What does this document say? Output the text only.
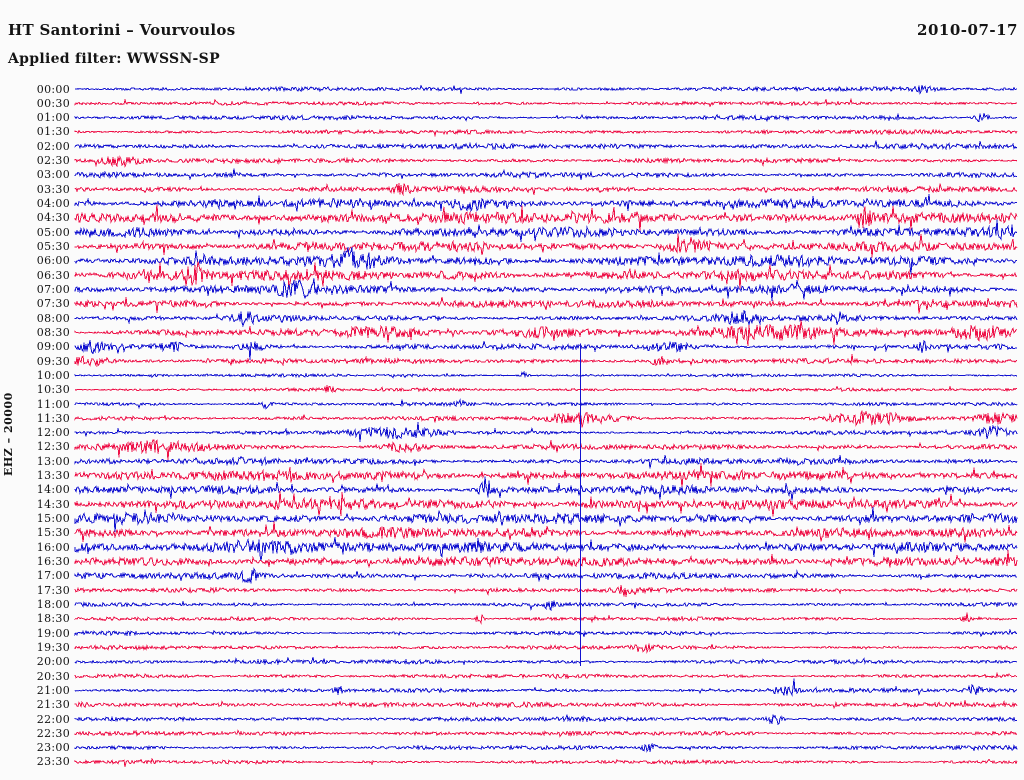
HT Santorini – Vourvoulos	2010-07-17
Applied filter: WWSSN-SP
EHZ – 20000
00:00
00:30
01:00
01:30
02:00
02:30
03:00
03:30
04:00
04:30
05:00
05:30
06:00
06:30
07:00
07:30
08:00
08:30
09:00
09:30
10:00
10:30
11:00
11:30
12:00
12:30
13:00
13:30
14:00
14:30
15:00
15:30
16:00
16:30
17:00
17:30
18:00
18:30
19:00
19:30
20:00
20:30
21:00
21:30
22:00
22:30
23:00
23:30
